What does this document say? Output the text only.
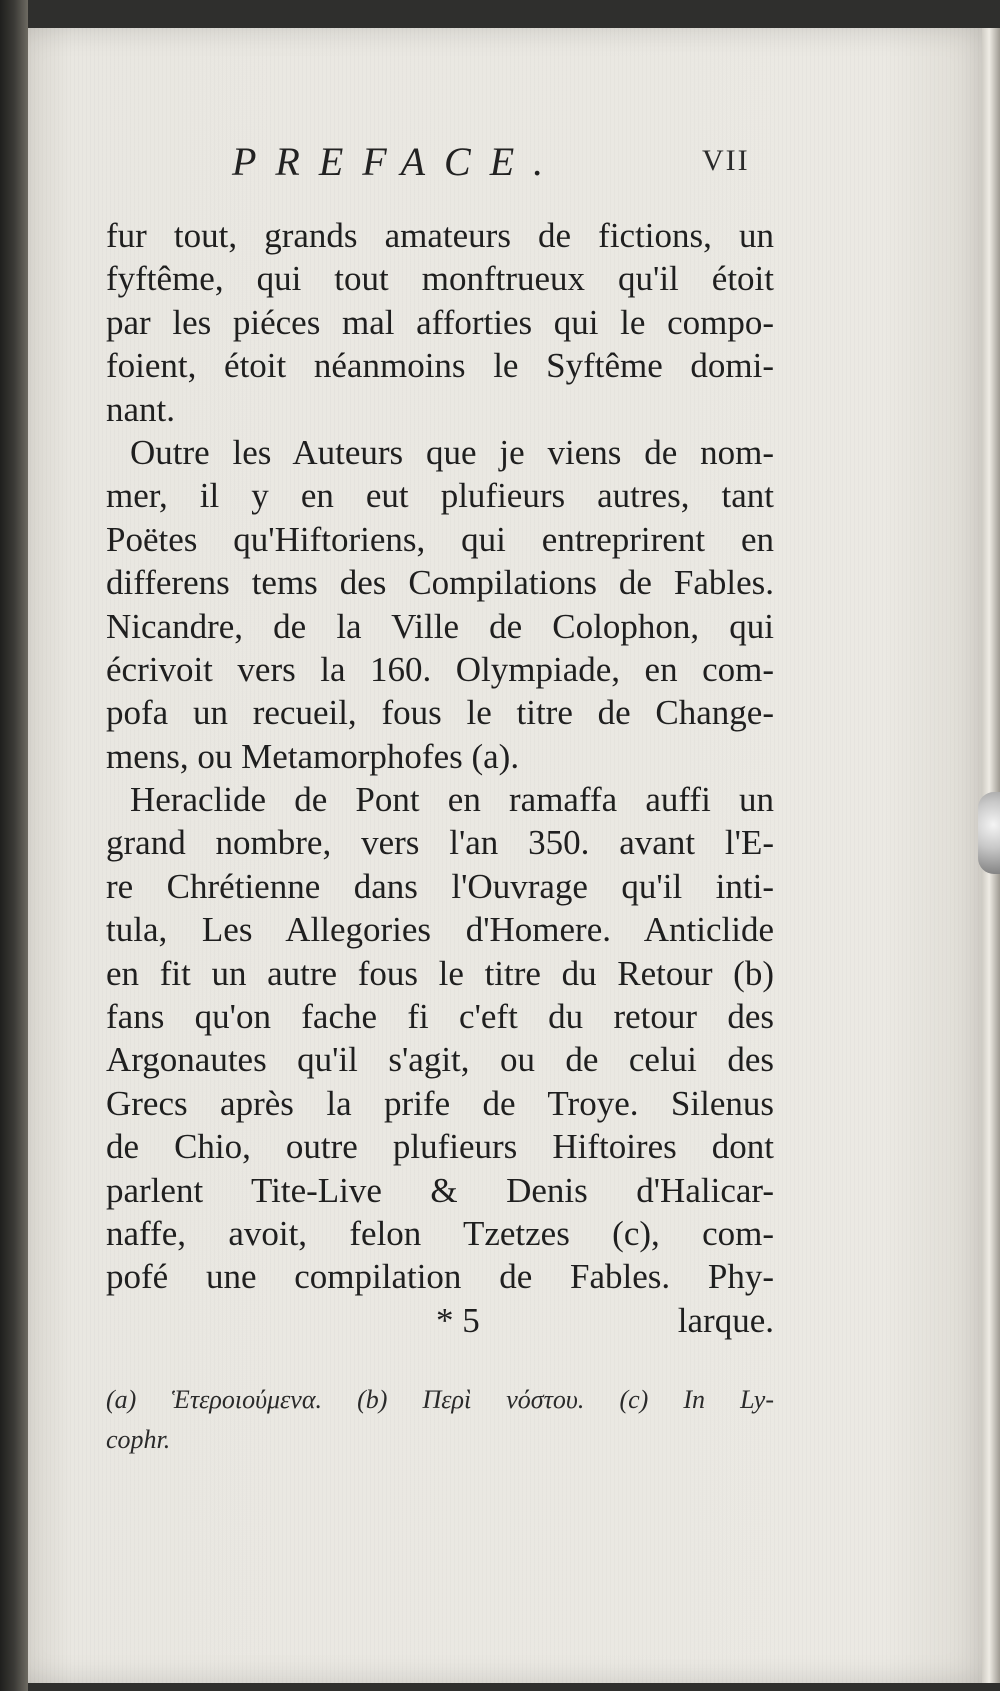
PREFACE.	VII
fur tout, grands amateurs de fictions, un
fyftême, qui tout monftrueux qu'il étoit
par les piéces mal afforties qui le compo-
foient, étoit néanmoins le Syftême domi-
nant.
Outre les Auteurs que je viens de nom-
mer, il y en eut plufieurs autres, tant
Poëtes qu'Hiftoriens, qui entreprirent en
differens tems des Compilations de Fables.
Nicandre, de la Ville de Colophon, qui
écrivoit vers la 160. Olympiade, en com-
pofa un recueil, fous le titre de Change-
mens, ou Metamorphofes (a).
Heraclide de Pont en ramaffa auffi un
grand nombre, vers l'an 350. avant l'E-
re Chrétienne dans l'Ouvrage qu'il inti-
tula, Les Allegories d'Homere. Anticlide
en fit un autre fous le titre du Retour (b)
fans qu'on fache fi c'eft du retour des
Argonautes qu'il s'agit, ou de celui des
Grecs après la prife de Troye. Silenus
de Chio, outre plufieurs Hiftoires dont
parlent Tite-Live & Denis d'Halicar-
naffe, avoit, felon Tzetzes (c), com-
pofé une compilation de Fables. Phy-
* 5	larque.
(a) Ἑτεροιούμενα. (b) Περὶ νόστου. (c) In Ly-
cophr.
